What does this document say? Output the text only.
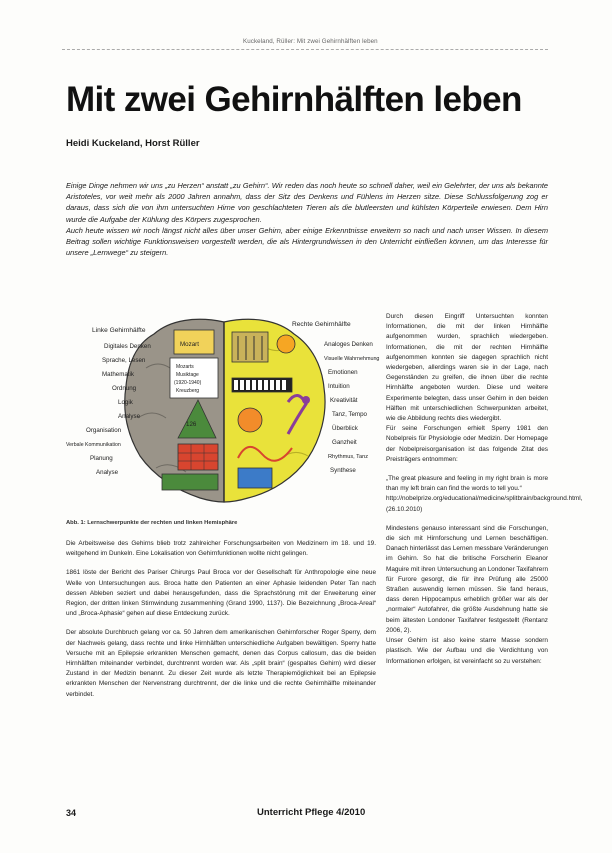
Kuckeland, Rüller: Mit zwei Gehirnhälften leben
Mit zwei Gehirnhälften leben
Heidi Kuckeland, Horst Rüller

Einige Dinge nehmen wir uns „zu Herzen“ anstatt „zu Gehirn“. Wir reden das noch heute so schnell daher, weil ein Gelehrter, der uns als bekannte Aristoteles, vor weit mehr als 2000 Jahren annahm, dass der Sitz des Denkens und Fühlens im Herzen sitze. Diese Schlussfolgerung zog er daraus, dass sich die von ihm untersuchten Hirne von geschlachteten Tieren als die blutleersten und kühlsten Körperteile erwiesen. Dem Hirn wurde die Aufgabe der Kühlung des Körpers zugesprochen.

Auch heute wissen wir noch längst nicht alles über unser Gehirn, aber einige Erkenntnisse erweitern so nach und nach unser Wissen. In diesem Beitrag sollen wichtige Funktionsweisen vorgestellt werden, die als Hintergrundwissen in den Unterricht einfließen können, um das Interesse für unsere „Lernwege“ zu steigern.

Mozart
Mozarts
Musiktage
(1920-1940)
Kreuzberg
126
Linke Gehirnhälfte
Rechte Gehirnhälfte
Digitales Denken
Sprache, Lesen
Mathematik
Ordnung
Logik
Analyse
Organisation
Verbale Kommunikation
Planung
Analyse
Analoges Denken
Visuelle Wahrnehmung
Emotionen
Intuition
Kreativität
Tanz, Tempo
Überblick
Ganzheit
Rhythmus, Tanz
Synthese
Abb. 1: Lernschwerpunkte der rechten und linken Hemisphäre

Die Arbeitsweise des Gehirns blieb trotz zahlreicher Forschungsarbeiten von Medizinern im 18. und 19. weitgehend im Dunkeln. Eine Lokalisation von Gehirnfunktionen wollte nicht gelingen.

1861 löste der Bericht des Pariser Chirurgs Paul Broca vor der Gesellschaft für Anthropologie eine neue Welle von Untersuchungen aus. Broca hatte den Patienten an einer Aphasie leidenden Peter Tan nach dessen Ableben seziert und dabei herausgefunden, dass die Sprachstörung mit der Erweiterung einer Region, der dritten linken Stirnwindung zusammenhing (Grand 1990, 1137). Die Bezeichnung „Broca-Areal“ und „Broca-Aphasie“ gehen auf diese Entdeckung zurück.

Der absolute Durchbruch gelang vor ca. 50 Jahren dem amerikanischen Gehirnforscher Roger Sperry, dem der Nachweis gelang, dass rechte und linke Hirnhälften unterschiedliche Aufgaben bewältigen. Sperry hatte Versuche mit an Epilepsie erkrankten Menschen gemacht, denen das Corpus callosum, das die beiden Hirnhälften miteinander verbindet, durchtrennt worden war. Als „split brain“ (gespaltes Gehirn) wird dieser Zustand in der Medizin benannt. Zu dieser Zeit wurde als letzte Therapiemöglichkeit bei an Epilepsie erkrankten Menschen der Nervenstrang durchtrennt, der die linke und die rechte Gehirnhälfte miteinander verbindet.

Durch diesen Eingriff Untersuchten konnten Informationen, die mit der linken Hirnhälfte aufgenommen wurden, sprachlich wiedergeben. Informationen, die mit der rechten Hirnhälfte aufgenommen konnten sie dagegen sprachlich nicht wiedergeben, allerdings waren sie in der Lage, nach Gegenständen zu greifen, die ihnen über die rechte Hirnhälfte angeboten wurden. Diese und weitere Experimente belegten, dass unser Gehirn in den beiden Hälften mit unterschiedlichen Schwerpunkten arbeitet, wie die Abbildung rechts dies wiedergibt.

Für seine Forschungen erhielt Sperry 1981 den Nobelpreis für Physiologie oder Medizin. Der Homepage der Nobelpreisorganisation ist das folgende Zitat des Preisträgers entnommen:

„The great pleasure and feeling in my right brain is more than my left brain can find the words to tell you.“

http://nobelprize.org/educational/medicine/splitbrain/background.html, (26.10.2010)

Mindestens genauso interessant sind die Forschungen, die sich mit Hirnforschung und Lernen beschäftigen. Danach hinterlässt das Lernen messbare Veränderungen im Gehirn. So hat die britische Forscherin Eleanor Maguire mit ihren Untersuchung an Londoner Taxifahrern für Furore gesorgt, die für ihre Prüfung alle 25000 Straßen auswendig lernen müssen. Sie fand heraus, dass deren Hippocampus erheblich größer war als der „normaler“ Autofahrer, die größte Ausdehnung hatte sie beim ältesten Londoner Taxifahrer festgestellt (Rentanz 2006, 2).

Unser Gehirn ist also keine starre Masse sondern plastisch. Wie der Aufbau und die Verdichtung von Informationen erfolgen, ist vereinfacht so zu verstehen:

34	Unterricht Pflege 4/2010
